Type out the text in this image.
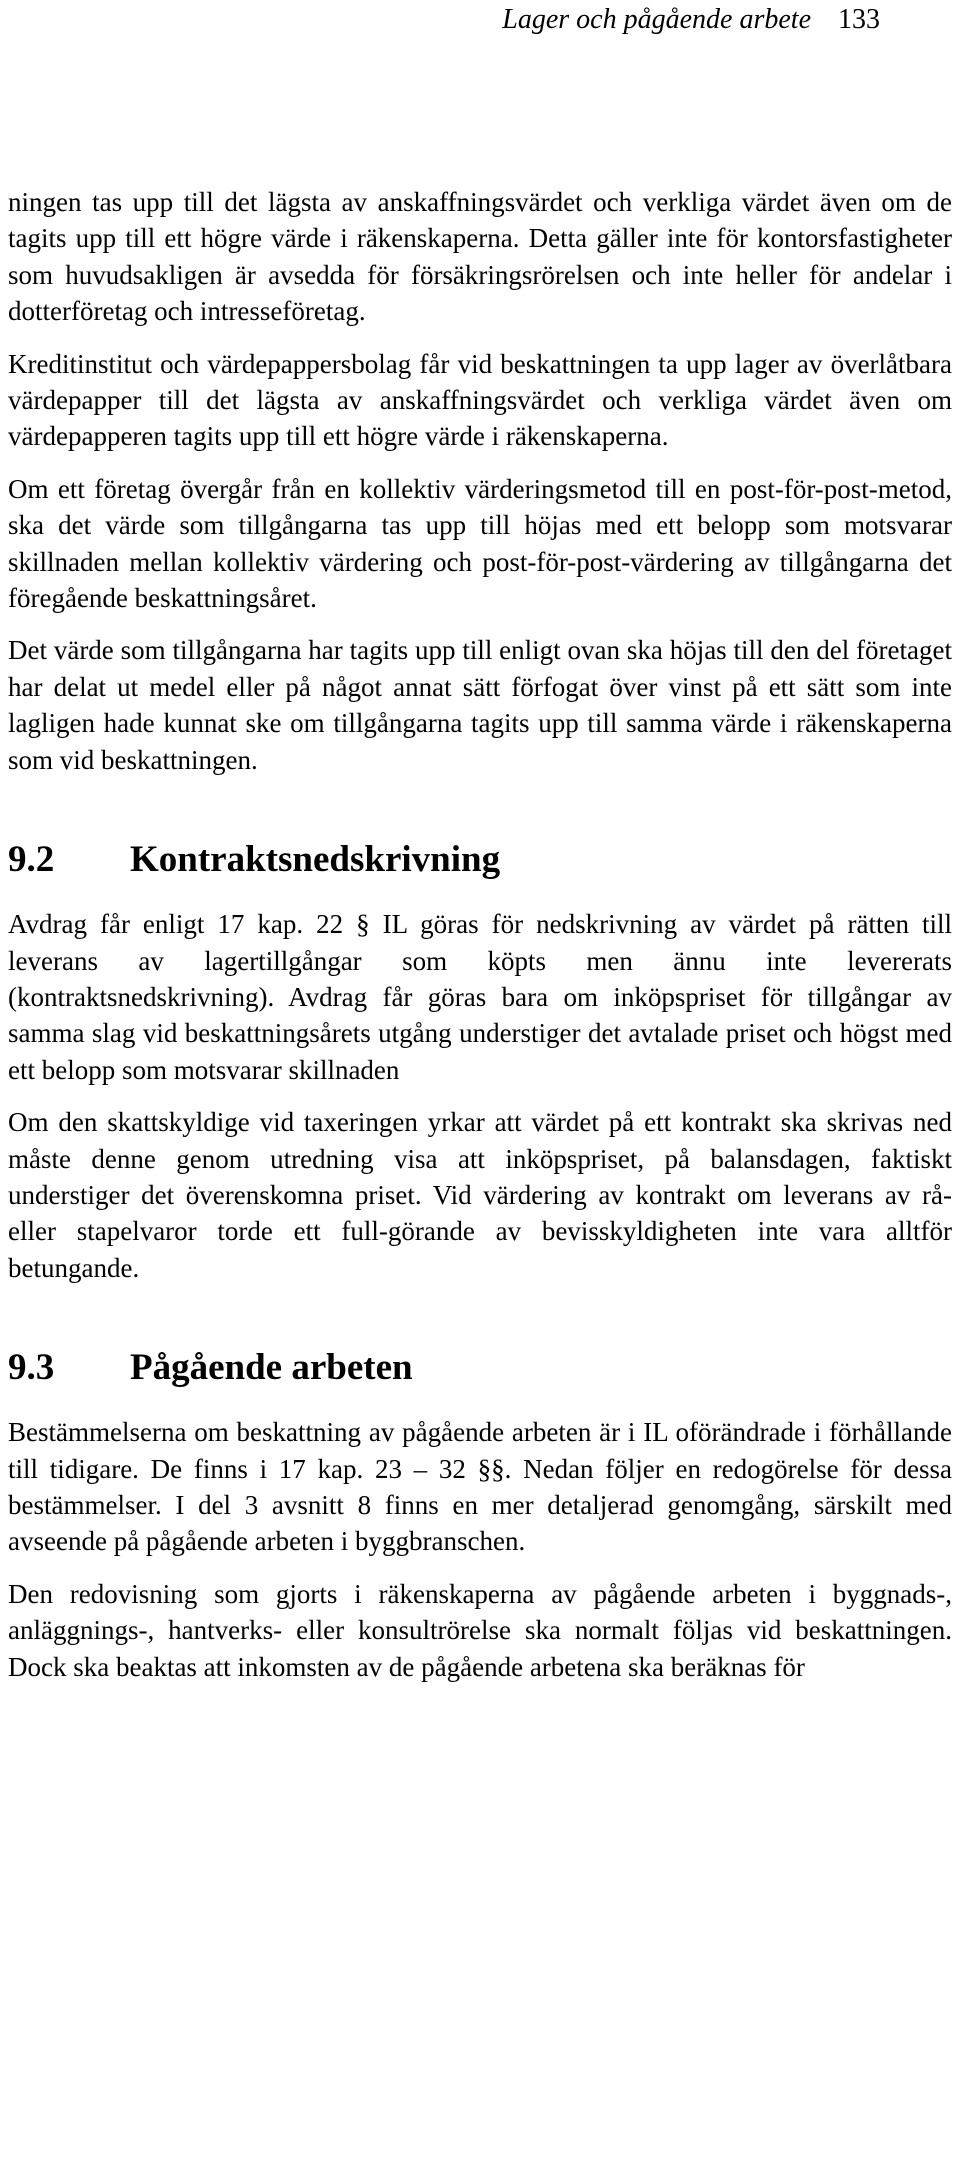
Lager och pågående arbete 133

ningen tas upp till det lägsta av anskaffningsvärdet och verkliga värdet även om de tagits upp till ett högre värde i räkenskaperna. Detta gäller inte för kontorsfastigheter som huvudsakligen är avsedda för försäkringsrörelsen och inte heller för andelar i dotterföretag och intresseföretag.

Kreditinstitut och värdepappersbolag får vid beskattningen ta upp lager av överlåtbara värdepapper till det lägsta av anskaffningsvärdet och verkliga värdet även om värdepapperen tagits upp till ett högre värde i räkenskaperna.

Om ett företag övergår från en kollektiv värderingsmetod till en post-för-post-metod, ska det värde som tillgångarna tas upp till höjas med ett belopp som motsvarar skillnaden mellan kollektiv värdering och post-för-post-värdering av tillgångarna det föregående beskattningsåret.

Det värde som tillgångarna har tagits upp till enligt ovan ska höjas till den del företaget har delat ut medel eller på något annat sätt förfogat över vinst på ett sätt som inte lagligen hade kunnat ske om tillgångarna tagits upp till samma värde i räkenskaperna som vid beskattningen.

9.2	Kontraktsnedskrivning

Avdrag får enligt 17 kap. 22 § IL göras för nedskrivning av värdet på rätten till leverans av lagertillgångar som köpts men ännu inte levererats (kontraktsnedskrivning). Avdrag får göras bara om inköpspriset för tillgångar av samma slag vid beskattningsårets utgång understiger det avtalade priset och högst med ett belopp som motsvarar skillnaden

Om den skattskyldige vid taxeringen yrkar att värdet på ett kontrakt ska skrivas ned måste denne genom utredning visa att inköpspriset, på balansdagen, faktiskt understiger det överenskomna priset. Vid värdering av kontrakt om leverans av rå- eller stapelvaror torde ett full-görande av bevisskyldigheten inte vara alltför betungande.

9.3	Pågående arbeten

Bestämmelserna om beskattning av pågående arbeten är i IL oförändrade i förhållande till tidigare. De finns i 17 kap. 23 – 32 §§. Nedan följer en redogörelse för dessa bestämmelser. I del 3 avsnitt 8 finns en mer detaljerad genomgång, särskilt med avseende på pågående arbeten i byggbranschen.

Den redovisning som gjorts i räkenskaperna av pågående arbeten i byggnads-, anläggnings-, hantverks- eller konsultrörelse ska normalt följas vid beskattningen. Dock ska beaktas att inkomsten av de pågående arbetena ska beräknas för
